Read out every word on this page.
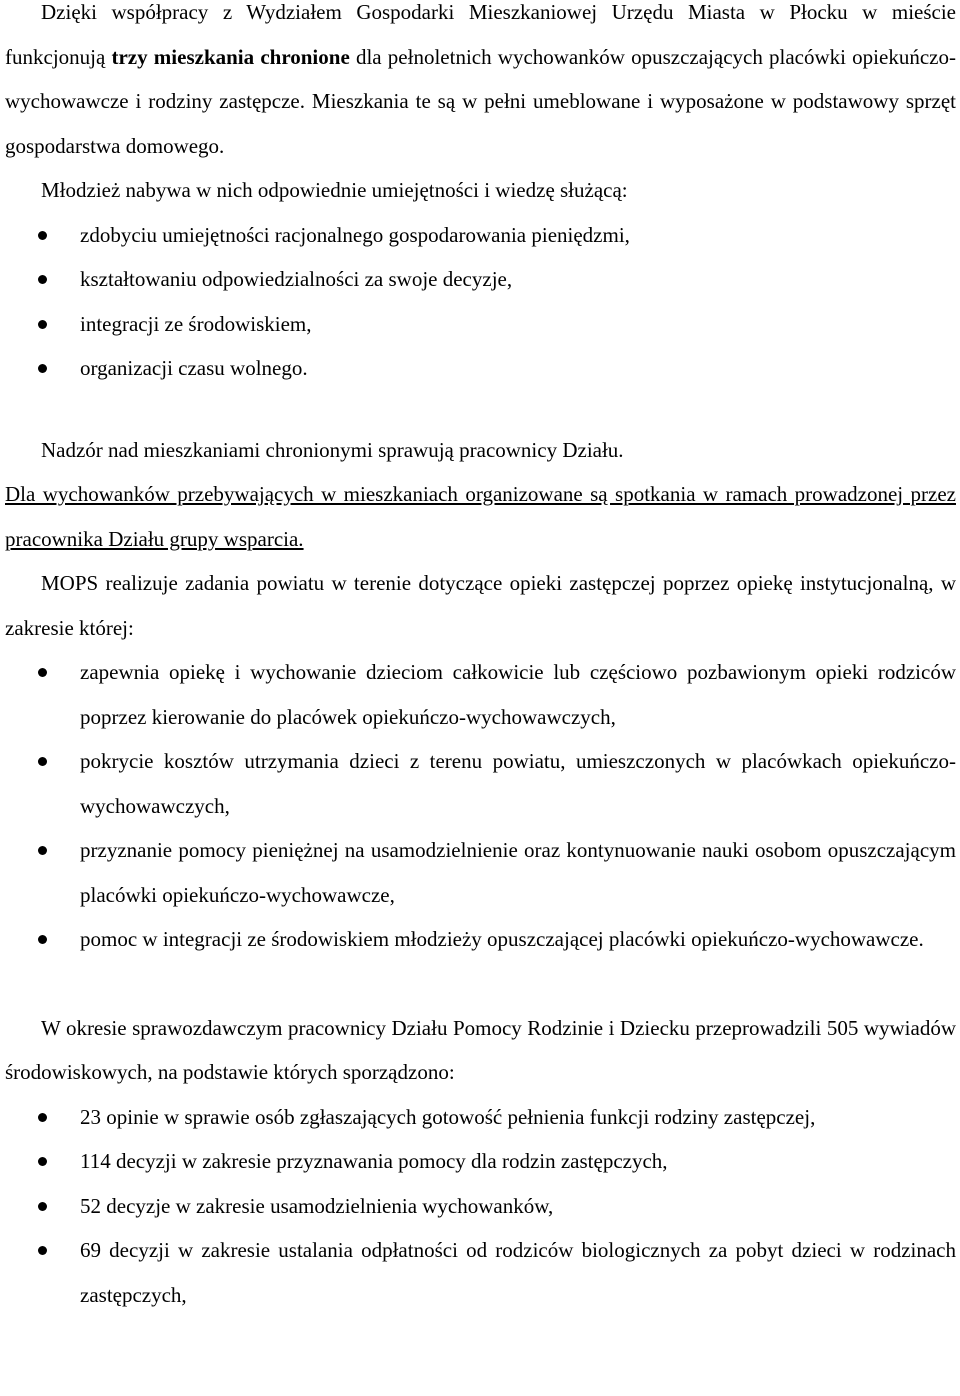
Dzięki współpracy z Wydziałem Gospodarki Mieszkaniowej Urzędu Miasta w Płocku w mieście funkcjonują trzy mieszkania chronione dla pełnoletnich wychowanków opuszczających placówki opiekuńczo-wychowawcze i rodziny zastępcze. Mieszkania te są w pełni umeblowane i wyposażone w podstawowy sprzęt gospodarstwa domowego.

Młodzież nabywa w nich odpowiednie umiejętności i wiedzę służącą:

zdobyciu umiejętności racjonalnego gospodarowania pieniędzmi,
kształtowaniu odpowiedzialności za swoje decyzje,
integracji ze środowiskiem,
organizacji czasu wolnego.

Nadzór nad mieszkaniami chronionymi sprawują pracownicy Działu.

Dla wychowanków przebywających w mieszkaniach organizowane są spotkania w ramach prowadzonej przez pracownika Działu grupy wsparcia.

MOPS realizuje zadania powiatu w terenie dotyczące opieki zastępczej poprzez opiekę instytucjonalną, w zakresie której:

zapewnia opiekę i wychowanie dzieciom całkowicie lub częściowo pozbawionym opieki rodziców poprzez kierowanie do placówek opiekuńczo-wychowawczych,
pokrycie kosztów utrzymania dzieci z terenu powiatu, umieszczonych w placówkach opiekuńczo-wychowawczych,
przyznanie pomocy pieniężnej na usamodzielnienie oraz kontynuowanie nauki osobom opuszczającym placówki opiekuńczo-wychowawcze,
pomoc w integracji ze środowiskiem młodzieży opuszczającej placówki opiekuńczo-wychowawcze.

W okresie sprawozdawczym pracownicy Działu Pomocy Rodzinie i Dziecku przeprowadzili 505 wywiadów środowiskowych, na podstawie których sporządzono:

23 opinie w sprawie osób zgłaszających gotowość pełnienia funkcji rodziny zastępczej,
114 decyzji w zakresie przyznawania pomocy dla rodzin zastępczych,
52 decyzje w zakresie usamodzielnienia wychowanków,
69 decyzji w zakresie ustalania odpłatności od rodziców biologicznych za pobyt dzieci w rodzinach zastępczych,
